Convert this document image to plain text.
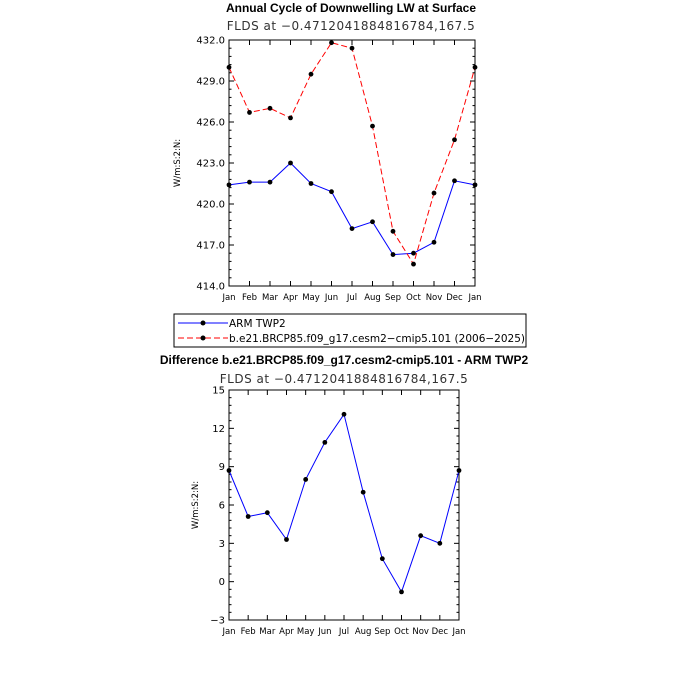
Annual Cycle of Downwelling LW at Surface
FLDS at −0.4712041884816784,167.5
414.0
417.0
420.0
423.0
426.0
429.0
432.0
Jan Feb Mar Apr May Jun Jul Aug Sep Oct Nov Dec Jan
W/m:S:2:N:
ARM TWP2
b.e21.BRCP85.f09_g17.cesm2−cmip5.101 (2006−2025)
Difference b.e21.BRCP85.f09_g17.cesm2-cmip5.101 - ARM TWP2
FLDS at −0.4712041884816784,167.5
−3
0
3
6
9
12
15
Jan Feb Mar Apr May Jun Jul Aug Sep Oct Nov Dec Jan
W/m:S:2:N:
